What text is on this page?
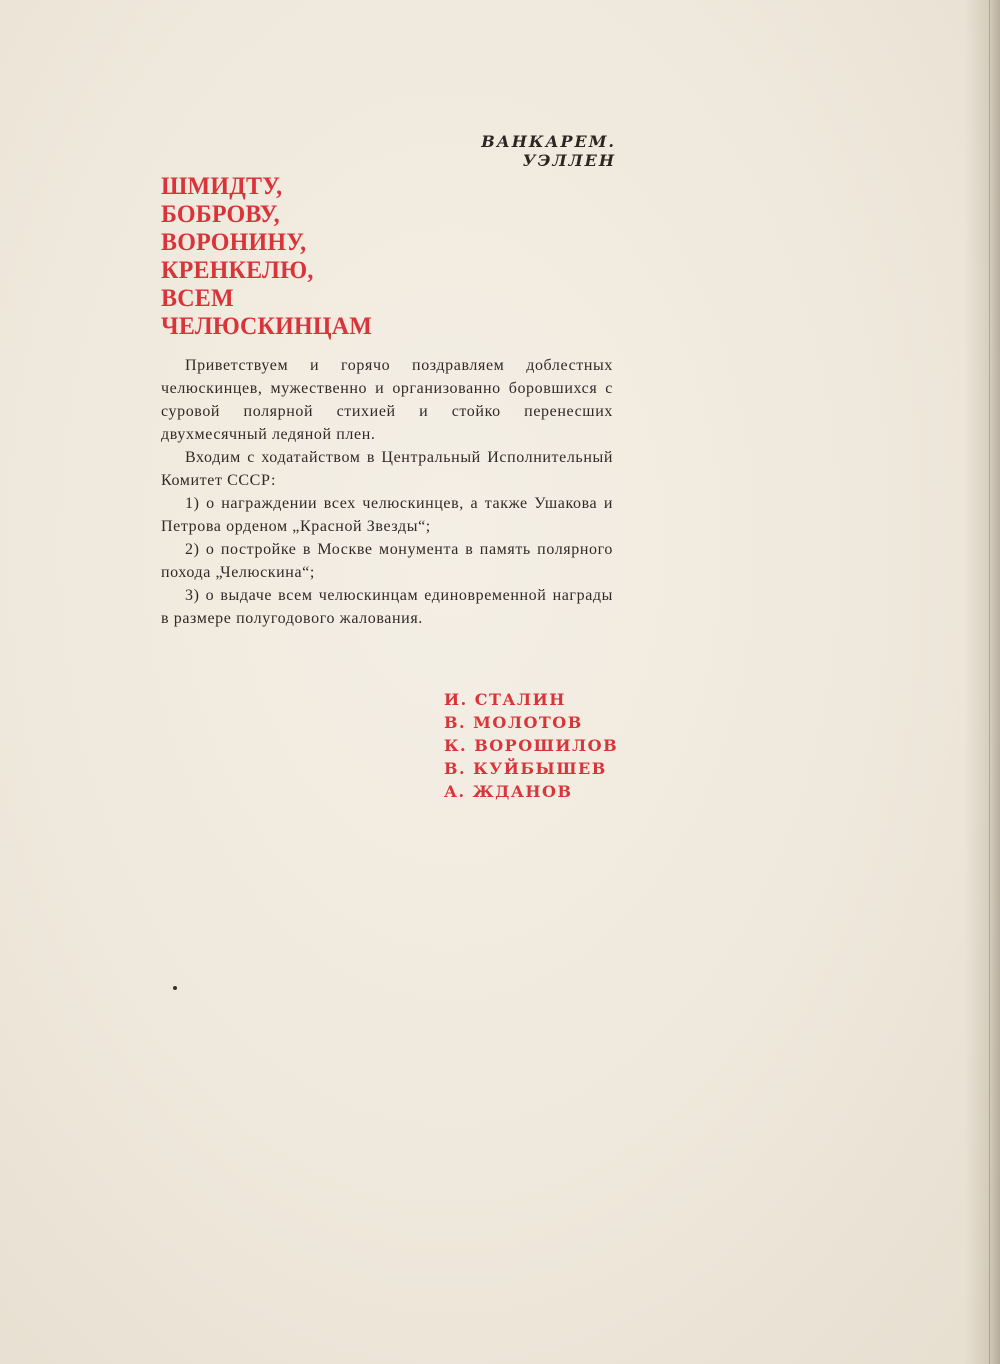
ВАНКАРЕМ. УЭЛЛЕН
ШМИДТУ,
БОБРОВУ,
ВОРОНИНУ,
КРЕНКЕЛЮ,
ВСЕМ
ЧЕЛЮСКИНЦАМ

Приветствуем и горячо поздравляем доблестных челюскинцев, мужественно и организованно боровшихся с суровой полярной стихией и стойко перенесших двухмесячный ледяной плен.

Входим с ходатайством в Центральный Исполнительный Комитет СССР:

1) о награждении всех челюскинцев, а также Ушакова и Петрова орденом „Красной Звезды“;

2) о постройке в Москве монумента в память полярного похода „Челюскина“;

3) о выдаче всем челюскинцам единовременной награды в размере полугодового жалования.

И. СТАЛИН
В. МОЛОТОВ
К. ВОРОШИЛОВ
В. КУЙБЫШЕВ
А. ЖДАНОВ
